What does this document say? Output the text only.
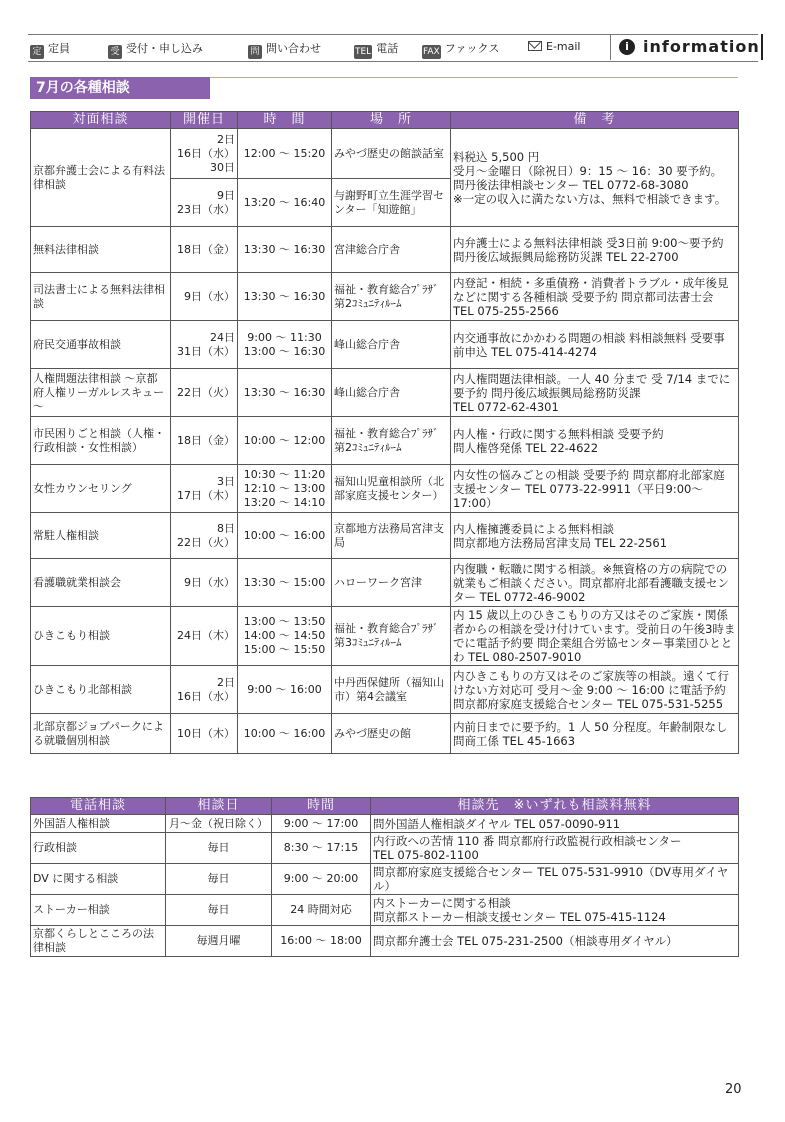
定 定員	受 受付・申し込み	問 問い合わせ	TEL 電話	FAX ファックス	E-mail	i information
7月の各種相談
対面相談	開催日	時　間	場　所	備　考
京都弁護士会による有料法律相談	2日
16日（水）
30日	12:00 ～ 15:20	みやづ歴史の館談話室	料税込 5,500 円
受月～金曜日（除祝日）9：15 ～ 16：30 要予約。
問丹後法律相談センター TEL 0772-68-3080
※一定の収入に満たない方は、無料で相談できます。
	9日
23日（水）	13:20 ～ 16:40	与謝野町立生涯学習センター「知遊館」	
無料法律相談	18日（金）	13:30 ～ 16:30	宮津総合庁舎	内弁護士による無料法律相談 受3日前 9:00～要予約
問丹後広域振興局総務防災課 TEL 22-2700
司法書士による無料法律相談	9日（水）	13:30 ～ 16:30	福祉・教育総合ﾌﾟﾗｻﾞ第2ｺﾐｭﾆﾃｨﾙｰﾑ	内登記・相続・多重債務・消費者トラブル・成年後見などに関する各種相談 受要予約 問京都司法書士会 TEL 075-255-2566
府民交通事故相談	24日
31日（木）	9:00 ～ 11:30
13:00 ～ 16:30	峰山総合庁舎	内交通事故にかかわる問題の相談 料相談無料 受要事前申込 TEL 075-414-4274
人権問題法律相談 ～京都府人権リーガルレスキュー～	22日（火）	13:30 ～ 16:30	峰山総合庁舎	内人権問題法律相談。一人 40 分まで 受 7/14 までに要予約 問丹後広域振興局総務防災課
TEL 0772-62-4301
市民困りごと相談（人権・行政相談・女性相談）	18日（金）	10:00 ～ 12:00	福祉・教育総合ﾌﾟﾗｻﾞ第2ｺﾐｭﾆﾃｨﾙｰﾑ	内人権・行政に関する無料相談 受要予約
問人権啓発係 TEL 22-4622
女性カウンセリング	3日
17日（木）	10:30 ～ 11:20
12:10 ～ 13:00
13:20 ～ 14:10	福知山児童相談所（北部家庭支援センター）	内女性の悩みごとの相談 受要予約 問京都府北部家庭支援センター TEL 0773-22-9911（平日9:00～17:00）
常駐人権相談	8日
22日（火）	10:00 ～ 16:00	京都地方法務局宮津支局	内人権擁護委員による無料相談
問京都地方法務局宮津支局 TEL 22-2561
看護職就業相談会	9日（水）	13:30 ～ 15:00	ハローワーク宮津	内復職・転職に関する相談。※無資格の方の病院での就業もご相談ください。問京都府北部看護職支援センター TEL 0772-46-9002
ひきこもり相談	24日（木）	13:00 ～ 13:50
14:00 ～ 14:50
15:00 ～ 15:50	福祉・教育総合ﾌﾟﾗｻﾞ第3ｺﾐｭﾆﾃｨﾙｰﾑ	内 15 歳以上のひきこもりの方又はそのご家族・関係者からの相談を受け付けています。受前日の午後3時までに電話予約要 問企業組合労協センター事業団ひととわ TEL 080-2507-9010
ひきこもり北部相談	2日
16日（水）	9:00 ～ 16:00	中丹西保健所（福知山市）第4会議室	内ひきこもりの方又はそのご家族等の相談。遠くて行けない方対応可 受月～金 9:00 ～ 16:00 に電話予約 問京都府家庭支援総合センター TEL 075-531-5255
北部京都ジョブパークによる就職個別相談	10日（木）	10:00 ～ 16:00	みやづ歴史の館	内前日までに要予約。1 人 50 分程度。年齢制限なし 問商工係 TEL 45-1663
電話相談	相談日	時間	相談先　※いずれも相談料無料
外国語人権相談	月～金（祝日除く）	9:00 ～ 17:00	問外国語人権相談ダイヤル TEL 057-0090-911
行政相談	毎日	8:30 ～ 17:15	内行政への苦情 110 番 問京都府行政監視行政相談センター
TEL 075-802-1100
DV に関する相談	毎日	9:00 ～ 20:00	問京都府家庭支援総合センター TEL 075-531-9910（DV専用ダイヤル）
ストーカー相談	毎日	24 時間対応	内ストーカーに関する相談
問京都ストーカー相談支援センター TEL 075-415-1124
京都くらしとこころの法律相談	毎週月曜	16:00 ～ 18:00	問京都弁護士会 TEL 075-231-2500（相談専用ダイヤル）
20
